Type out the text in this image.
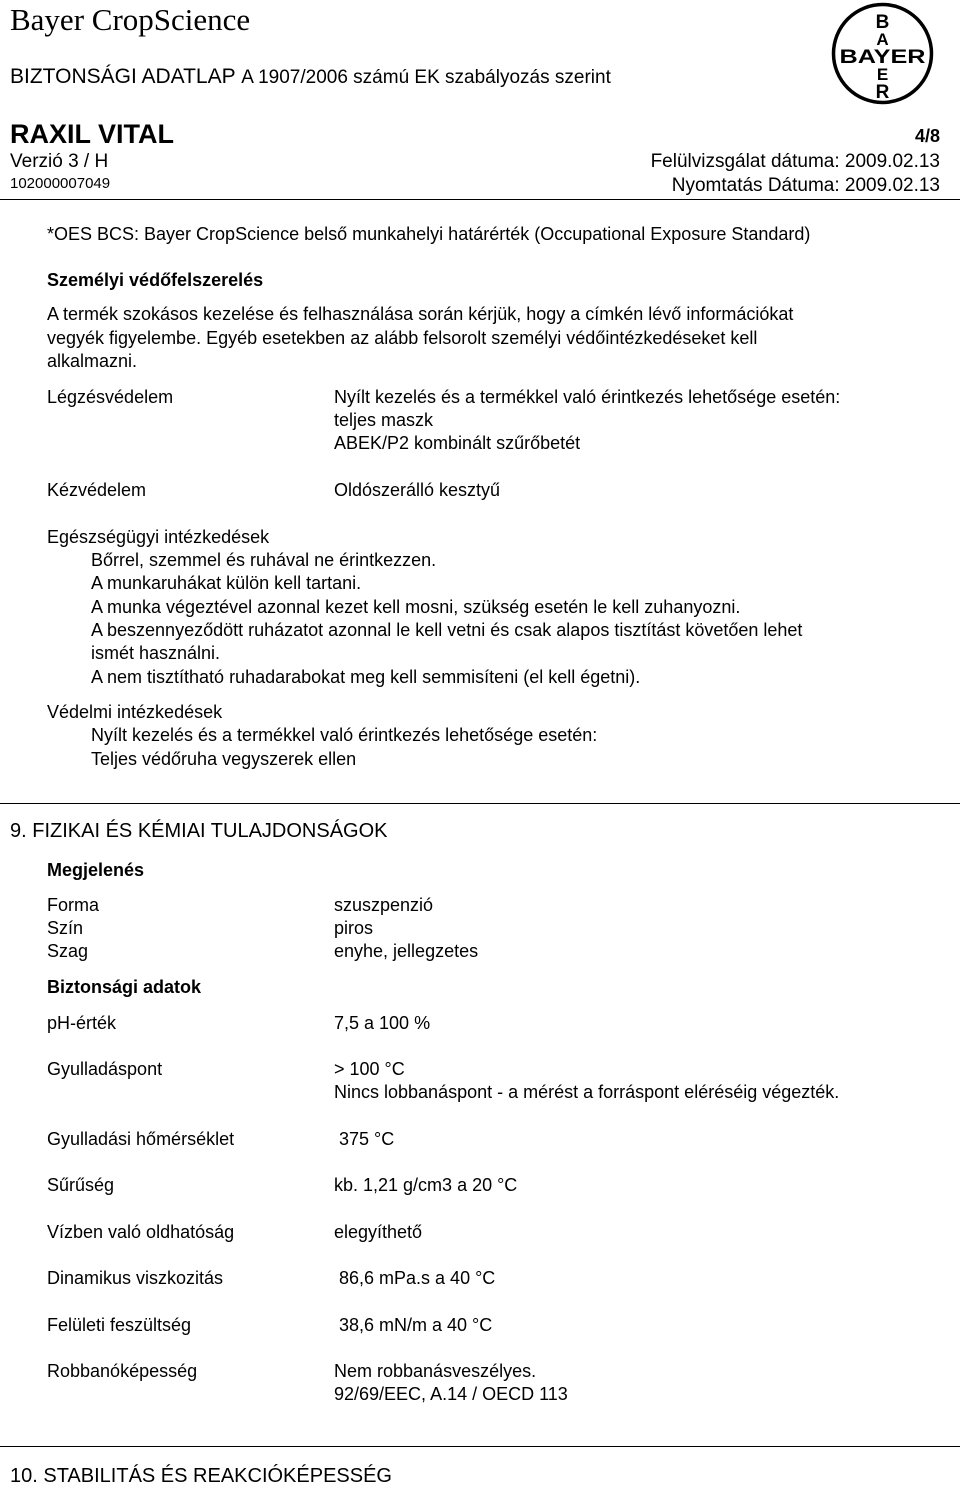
Bayer CropScience
BIZTONSÁGI ADATLAP A 1907/2006 számú EK szabályozás szerint
B
A
BAYER
E
R
RAXIL VITAL	4/8
Verzió 3 / H	Felülvizsgálat dátuma: 2009.02.13
102000007049	Nyomtatás Dátuma: 2009.02.13
*OES BCS: Bayer CropScience belső munkahelyi határérték (Occupational Exposure Standard)
Személyi védőfelszerelés
A termék szokásos kezelése és felhasználása során kérjük, hogy a címkén lévő információkat
vegyék figyelembe. Egyéb esetekben az alább felsorolt személyi védőintézkedéseket kell
alkalmazni.
Légzésvédelem	Nyílt kezelés és a termékkel való érintkezés lehetősége esetén:
teljes maszk
ABEK/P2 kombinált szűrőbetét
Kézvédelem	Oldószerálló kesztyű
Egészségügyi intézkedések
Bőrrel, szemmel és ruhával ne érintkezzen.
A munkaruhákat külön kell tartani.
A munka végeztével azonnal kezet kell mosni, szükség esetén le kell zuhanyozni.
A beszennyeződött ruházatot azonnal le kell vetni és csak alapos tisztítást követően lehet
ismét használni.
A nem tisztítható ruhadarabokat meg kell semmisíteni (el kell égetni).
Védelmi intézkedések
Nyílt kezelés és a termékkel való érintkezés lehetősége esetén:
Teljes védőruha vegyszerek ellen
9. FIZIKAI ÉS KÉMIAI TULAJDONSÁGOK
Megjelenés
Forma	szuszpenzió
Szín	piros
Szag	enyhe, jellegzetes
Biztonsági adatok
pH-érték	7,5 a 100 %
Gyulladáspont	> 100 °C
Nincs lobbanáspont - a mérést a forráspont eléréséig végezték.
Gyulladási hőmérséklet	375 °C
Sűrűség	kb. 1,21 g/cm3 a 20 °C
Vízben való oldhatóság	elegyíthető
Dinamikus viszkozitás	86,6 mPa.s a 40 °C
Felületi feszültség	38,6 mN/m a 40 °C
Robbanóképesség	Nem robbanásveszélyes.
92/69/EEC, A.14 / OECD 113
10. STABILITÁS ÉS REAKCIÓKÉPESSÉG
